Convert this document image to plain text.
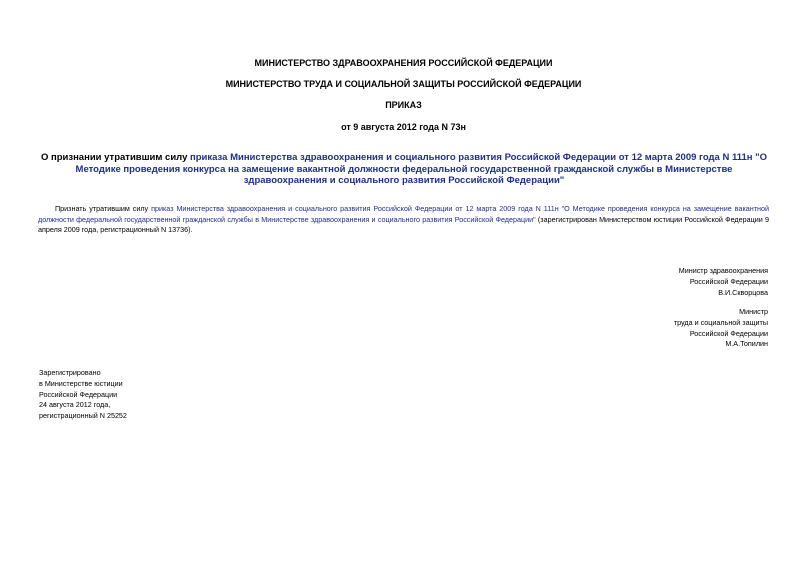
МИНИСТЕРСТВО ЗДРАВООХРАНЕНИЯ РОССИЙСКОЙ ФЕДЕРАЦИИ
МИНИСТЕРСТВО ТРУДА И СОЦИАЛЬНОЙ ЗАЩИТЫ РОССИЙСКОЙ ФЕДЕРАЦИИ
ПРИКАЗ
от 9 августа 2012 года N 73н
О признании утратившим силу приказа Министерства здравоохранения и социального развития Российской Федерации от 12 марта 2009 года N 111н "О Методике проведения конкурса на замещение вакантной должности федеральной государственной гражданской службы в Министерстве здравоохранения и социального развития Российской Федерации"
Признать утратившим силу приказ Министерства здравоохранения и социального развития Российской Федерации от 12 марта 2009 года N 111н "О Методике проведения конкурса на замещение вакантной должности федеральной государственной гражданской службы в Министерстве здравоохранения и социального развития Российской Федерации" (зарегистрирован Министерством юстиции Российской Федерации 9 апреля 2009 года, регистрационный N 13736).
Министр здравоохранения
Российской Федерации
В.И.Скворцова
Министр
труда и социальной защиты
Российской Федерации
М.А.Топилин
Зарегистрировано
в Министерстве юстиции
Российской Федерации
24 августа 2012 года,
регистрационный N 25252
